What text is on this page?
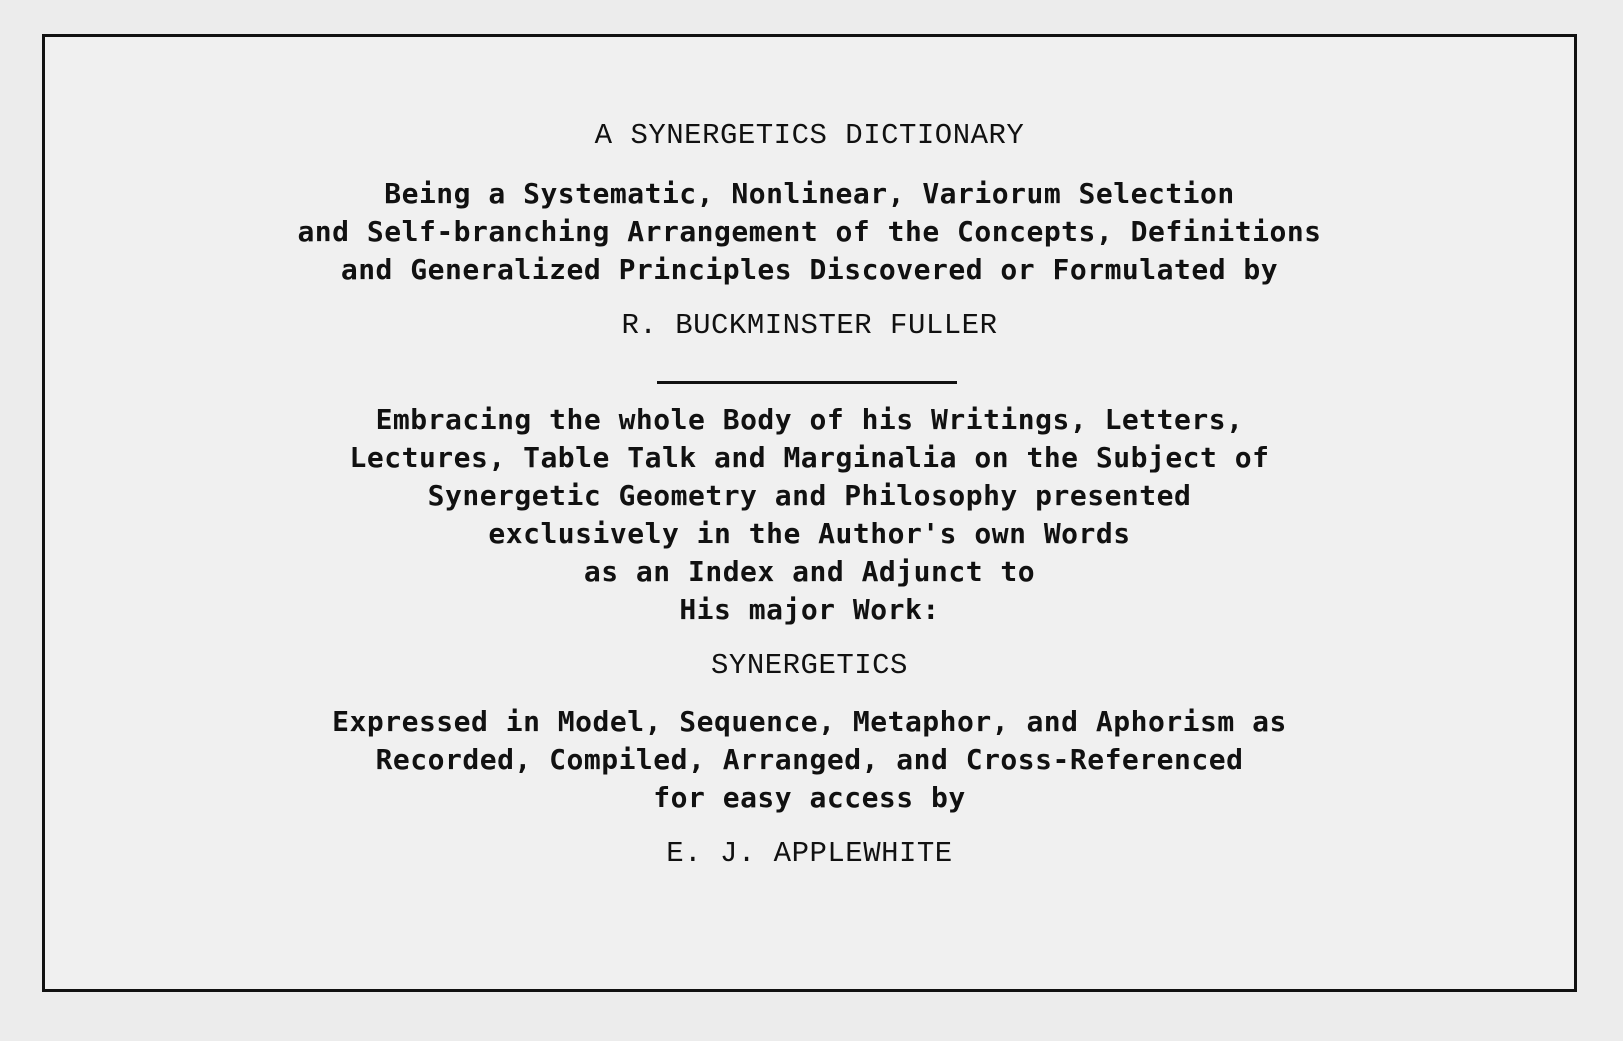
A SYNERGETICS DICTIONARY
Being a Systematic, Nonlinear, Variorum Selection
and Self-branching Arrangement of the Concepts, Definitions
and Generalized Principles Discovered or Formulated by
R. BUCKMINSTER FULLER
Embracing the whole Body of his Writings, Letters,
Lectures, Table Talk and Marginalia on the Subject of
Synergetic Geometry and Philosophy presented
exclusively in the Author's own Words
as an Index and Adjunct to
His major Work:
SYNERGETICS
Expressed in Model, Sequence, Metaphor, and Aphorism as
Recorded, Compiled, Arranged, and Cross-Referenced
for easy access by
E. J. APPLEWHITE
